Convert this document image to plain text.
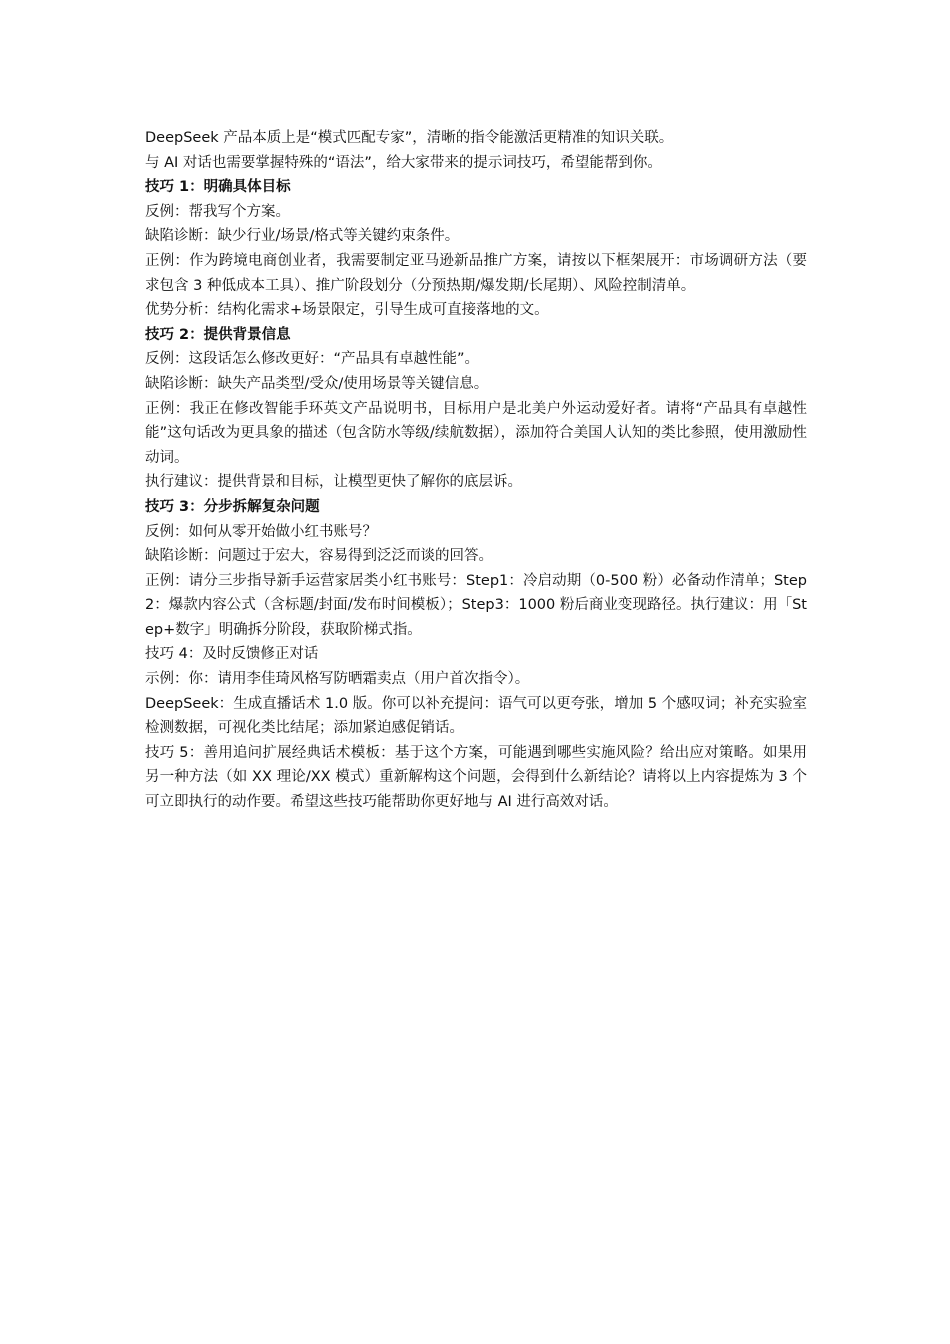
DeepSeek 产品本质上是“模式匹配专家”，清晰的指令能激活更精准的知识关联。

与 AI 对话也需要掌握特殊的“语法”，给大家带来的提示词技巧，希望能帮到你。

技巧 1：明确具体目标

反例：帮我写个方案。

缺陷诊断：缺少行业/场景/格式等关键约束条件。

正例：作为跨境电商创业者，我需要制定亚马逊新品推广方案，请按以下框架展开：市场调研方法（要求包含 3 种低成本工具）、推广阶段划分（分预热期/爆发期/长尾期）、风险控制清单。

优势分析：结构化需求+场景限定，引导生成可直接落地的文。

技巧 2：提供背景信息

反例：这段话怎么修改更好：“产品具有卓越性能”。

缺陷诊断：缺失产品类型/受众/使用场景等关键信息。

正例：我正在修改智能手环英文产品说明书，目标用户是北美户外运动爱好者。请将“产品具有卓越性能”这句话改为更具象的描述（包含防水等级/续航数据），添加符合美国人认知的类比参照，使用激励性动词。

执行建议：提供背景和目标，让模型更快了解你的底层诉。

技巧 3：分步拆解复杂问题

反例：如何从零开始做小红书账号？

缺陷诊断：问题过于宏大，容易得到泛泛而谈的回答。

正例：请分三步指导新手运营家居类小红书账号：Step1：冷启动期（0-500 粉）必备动作清单；Step2：爆款内容公式（含标题/封面/发布时间模板）；Step3：1000 粉后商业变现路径。执行建议：用「Step+数字」明确拆分阶段，获取阶梯式指。

技巧 4：及时反馈修正对话

示例：你：请用李佳琦风格写防晒霜卖点（用户首次指令）。

DeepSeek：生成直播话术 1.0 版。你可以补充提问：语气可以更夸张，增加 5 个感叹词；补充实验室检测数据，可视化类比结尾；添加紧迫感促销话。

技巧 5：善用追问扩展经典话术模板：基于这个方案，可能遇到哪些实施风险？给出应对策略。如果用另一种方法（如 XX 理论/XX 模式）重新解构这个问题，会得到什么新结论？请将以上内容提炼为 3 个可立即执行的动作要。希望这些技巧能帮助你更好地与 AI 进行高效对话。
